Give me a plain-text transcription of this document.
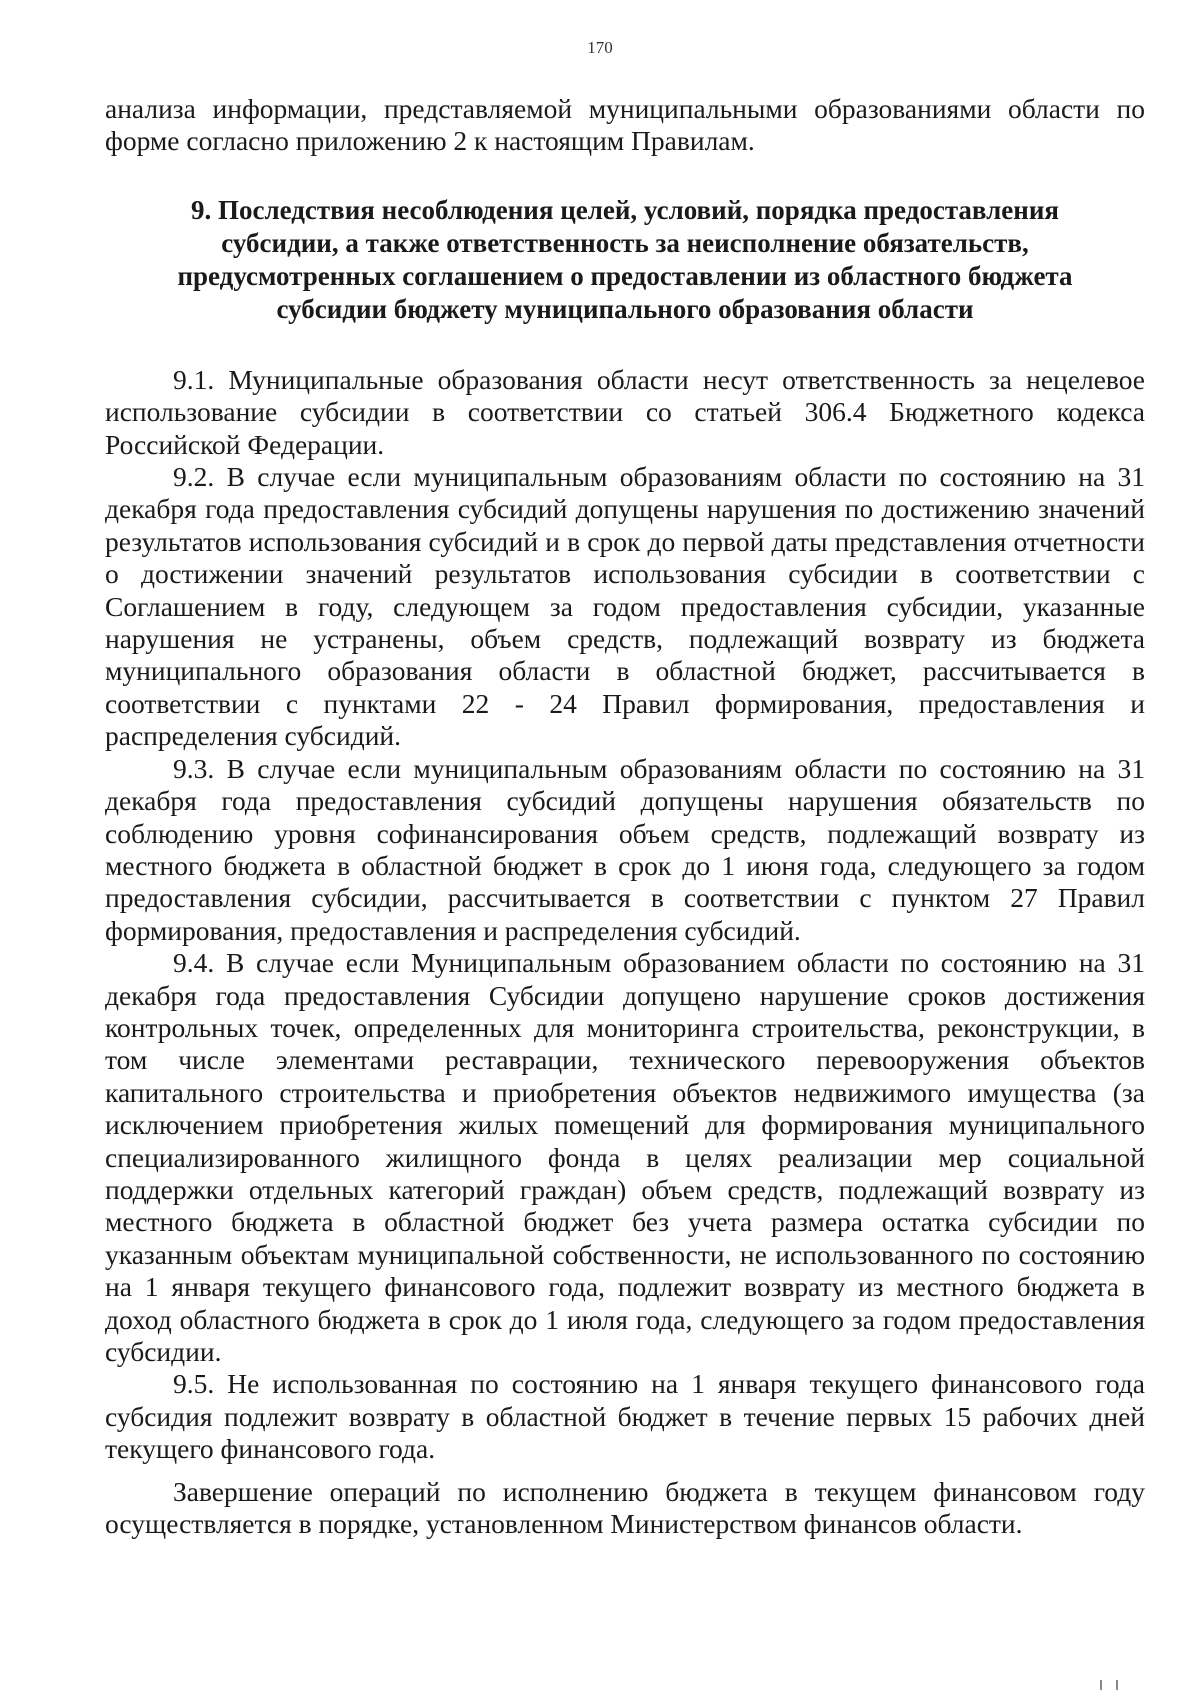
170

анализа информации, представляемой муниципальными образованиями области по форме согласно приложению 2 к настоящим Правилам.

9. Последствия несоблюдения целей, условий, порядка предоставления субсидии, а также ответственность за неисполнение обязательств, предусмотренных соглашением о предоставлении из областного бюджета субсидии бюджету муниципального образования области

9.1. Муниципальные образования области несут ответственность за нецелевое использование субсидии в соответствии со статьей 306.4 Бюджетного кодекса Российской Федерации.

9.2. В случае если муниципальным образованиям области по состоянию на 31 декабря года предоставления субсидий допущены нарушения по достижению значений результатов использования субсидий и в срок до первой даты представления отчетности о достижении значений результатов использования субсидии в соответствии с Соглашением в году, следующем за годом предоставления субсидии, указанные нарушения не устранены, объем средств, подлежащий возврату из бюджета муниципального образования области в областной бюджет, рассчитывается в соответствии с пунктами 22 - 24 Правил формирования, предоставления и распределения субсидий.

9.3. В случае если муниципальным образованиям области по состоянию на 31 декабря года предоставления субсидий допущены нарушения обязательств по соблюдению уровня софинансирования объем средств, подлежащий возврату из местного бюджета в областной бюджет в срок до 1 июня года, следующего за годом предоставления субсидии, рассчитывается в соответствии с пунктом 27 Правил формирования, предоставления и распределения субсидий.

9.4. В случае если Муниципальным образованием области по состоянию на 31 декабря года предоставления Субсидии допущено нарушение сроков достижения контрольных точек, определенных для мониторинга строительства, реконструкции, в том числе элементами реставрации, технического перевооружения объектов капитального строительства и приобретения объектов недвижимого имущества (за исключением приобретения жилых помещений для формирования муниципального специализированного жилищного фонда в целях реализации мер социальной поддержки отдельных категорий граждан) объем средств, подлежащий возврату из местного бюджета в областной бюджет без учета размера остатка субсидии по указанным объектам муниципальной собственности, не использованного по состоянию на 1 января текущего финансового года, подлежит возврату из местного бюджета в доход областного бюджета в срок до 1 июля года, следующего за годом предоставления субсидии.

9.5. Не использованная по состоянию на 1 января текущего финансового года субсидия подлежит возврату в областной бюджет в течение первых 15 рабочих дней текущего финансового года.

Завершение операций по исполнению бюджета в текущем финансовом году осуществляется в порядке, установленном Министерством финансов области.
